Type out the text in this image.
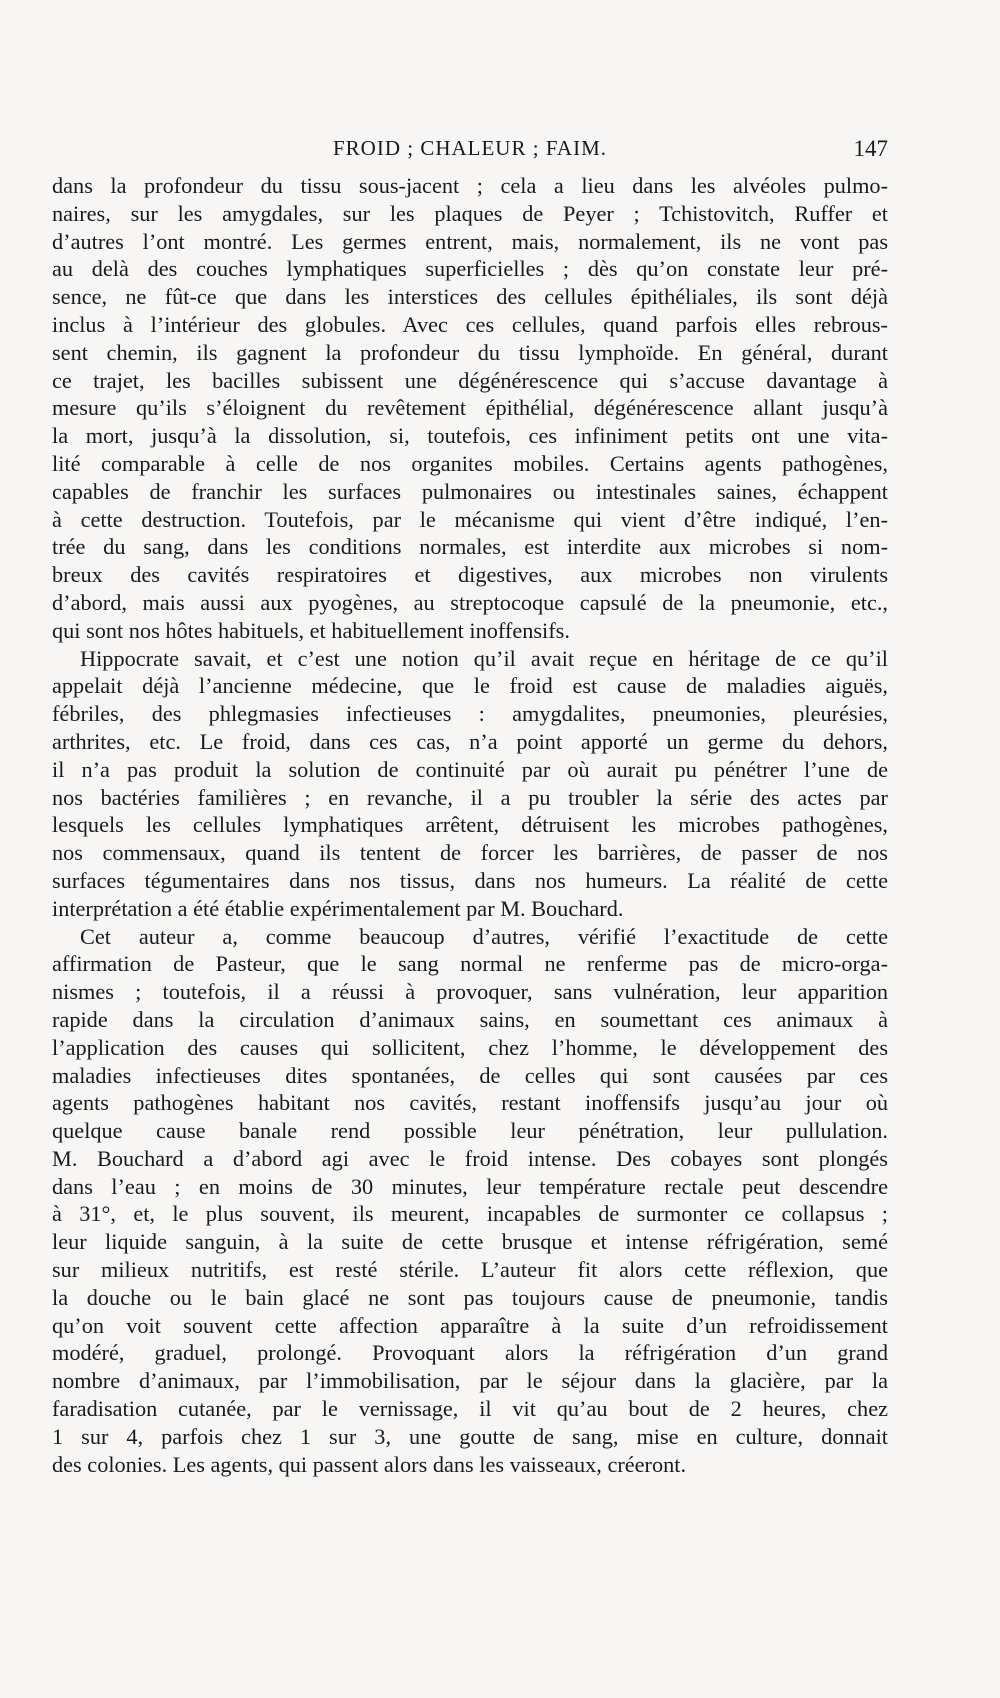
FROID ; CHALEUR ; FAIM.	147
dans la profondeur du tissu sous-jacent ; cela a lieu dans les alvéoles pulmo-
naires, sur les amygdales, sur les plaques de Peyer ; Tchistovitch, Ruffer et
d’autres l’ont montré. Les germes entrent, mais, normalement, ils ne vont pas
au delà des couches lymphatiques superficielles ; dès qu’on constate leur pré-
sence, ne fût-ce que dans les interstices des cellules épithéliales, ils sont déjà
inclus à l’intérieur des globules. Avec ces cellules, quand parfois elles rebrous-
sent chemin, ils gagnent la profondeur du tissu lymphoïde. En général, durant
ce trajet, les bacilles subissent une dégénérescence qui s’accuse davantage à
mesure qu’ils s’éloignent du revêtement épithélial, dégénérescence allant jusqu’à
la mort, jusqu’à la dissolution, si, toutefois, ces infiniment petits ont une vita-
lité comparable à celle de nos organites mobiles. Certains agents pathogènes,
capables de franchir les surfaces pulmonaires ou intestinales saines, échappent
à cette destruction. Toutefois, par le mécanisme qui vient d’être indiqué, l’en-
trée du sang, dans les conditions normales, est interdite aux microbes si nom-
breux des cavités respiratoires et digestives, aux microbes non virulents
d’abord, mais aussi aux pyogènes, au streptocoque capsulé de la pneumonie, etc.,
qui sont nos hôtes habituels, et habituellement inoffensifs.
Hippocrate savait, et c’est une notion qu’il avait reçue en héritage de ce qu’il
appelait déjà l’ancienne médecine, que le froid est cause de maladies aiguës,
fébriles, des phlegmasies infectieuses : amygdalites, pneumonies, pleurésies,
arthrites, etc. Le froid, dans ces cas, n’a point apporté un germe du dehors,
il n’a pas produit la solution de continuité par où aurait pu pénétrer l’une de
nos bactéries familières ; en revanche, il a pu troubler la série des actes par
lesquels les cellules lymphatiques arrêtent, détruisent les microbes pathogènes,
nos commensaux, quand ils tentent de forcer les barrières, de passer de nos
surfaces tégumentaires dans nos tissus, dans nos humeurs. La réalité de cette
interprétation a été établie expérimentalement par M. Bouchard.
Cet auteur a, comme beaucoup d’autres, vérifié l’exactitude de cette
affirmation de Pasteur, que le sang normal ne renferme pas de micro-orga-
nismes ; toutefois, il a réussi à provoquer, sans vulnération, leur apparition
rapide dans la circulation d’animaux sains, en soumettant ces animaux à
l’application des causes qui sollicitent, chez l’homme, le développement des
maladies infectieuses dites spontanées, de celles qui sont causées par ces
agents pathogènes habitant nos cavités, restant inoffensifs jusqu’au jour où
quelque cause banale rend possible leur pénétration, leur pullulation.
M. Bouchard a d’abord agi avec le froid intense. Des cobayes sont plongés
dans l’eau ; en moins de 30 minutes, leur température rectale peut descendre
à 31°, et, le plus souvent, ils meurent, incapables de surmonter ce collapsus ;
leur liquide sanguin, à la suite de cette brusque et intense réfrigération, semé
sur milieux nutritifs, est resté stérile. L’auteur fit alors cette réflexion, que
la douche ou le bain glacé ne sont pas toujours cause de pneumonie, tandis
qu’on voit souvent cette affection apparaître à la suite d’un refroidissement
modéré, graduel, prolongé. Provoquant alors la réfrigération d’un grand
nombre d’animaux, par l’immobilisation, par le séjour dans la glacière, par la
faradisation cutanée, par le vernissage, il vit qu’au bout de 2 heures, chez
1 sur 4, parfois chez 1 sur 3, une goutte de sang, mise en culture, donnait
des colonies. Les agents, qui passent alors dans les vaisseaux, créeront.
